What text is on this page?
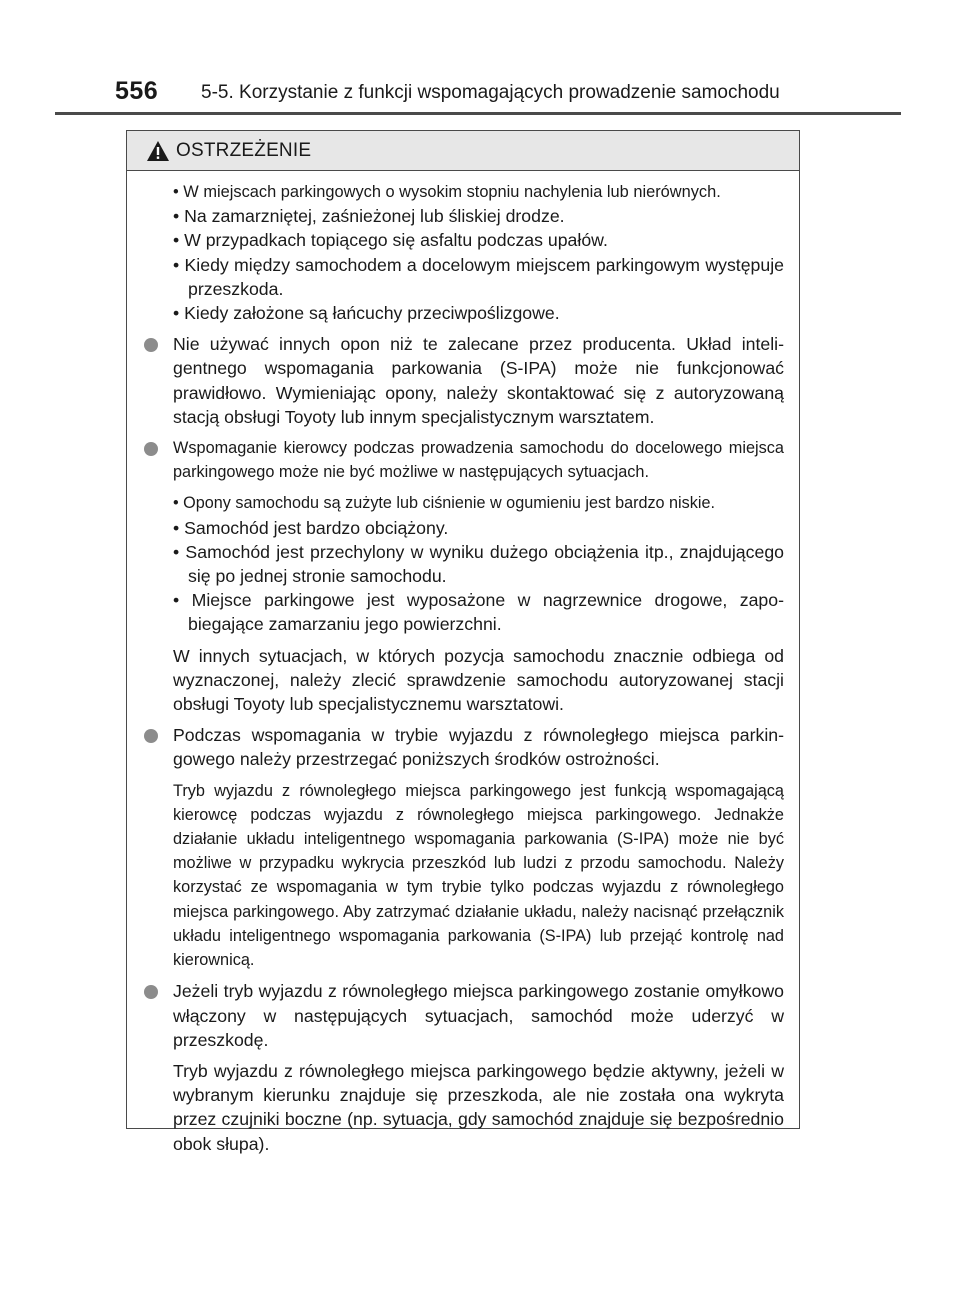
556 5-5. Korzystanie z funkcji wspomagających prowadzenie samochodu
OSTRZEŻENIE

• W miejscach parkingowych o wysokim stopniu nachylenia lub nierównych.

• Na zamarzniętej, zaśnieżonej lub śliskiej drodze.

• W przypadkach topiącego się asfaltu podczas upałów.

• Kiedy między samochodem a docelowym miejscem parkingowym występuje przeszkoda.

• Kiedy założone są łańcuchy przeciwpoślizgowe.

Nie używać innych opon niż te zalecane przez producenta. Układ inteligentnego wspomagania parkowania (S-IPA) może nie funkcjonować prawidłowo. Wymieniając opony, należy skontaktować się z autoryzowaną stacją obsługi Toyoty lub innym specjalistycznym warsztatem.
Wspomaganie kierowcy podczas prowadzenia samochodu do docelowego miejsca parkingowego może nie być możliwe w następujących sytuacjach.

• Opony samochodu są zużyte lub ciśnienie w ogumieniu jest bardzo niskie.

• Samochód jest bardzo obciążony.

• Samochód jest przechylony w wyniku dużego obciążenia itp., znajdującego się po jednej stronie samochodu.

• Miejsce parkingowe jest wyposażone w nagrzewnice drogowe, zapobiegające zamarzaniu jego powierzchni.

W innych sytuacjach, w których pozycja samochodu znacznie odbiega od wyznaczonej, należy zlecić sprawdzenie samochodu autoryzowanej stacji obsługi Toyoty lub specjalistycznemu warsztatowi.
Podczas wspomagania w trybie wyjazdu z równoległego miejsca parkingowego należy przestrzegać poniższych środków ostrożności.
Tryb wyjazdu z równoległego miejsca parkingowego jest funkcją wspomagającą kierowcę podczas wyjazdu z równoległego miejsca parkingowego. Jednakże działanie układu inteligentnego wspomagania parkowania (S-IPA) może nie być możliwe w przypadku wykrycia przeszkód lub ludzi z przodu samochodu. Należy korzystać ze wspomagania w tym trybie tylko podczas wyjazdu z równoległego miejsca parkingowego. Aby zatrzymać działanie układu, należy nacisnąć przełącznik układu inteligentnego wspomagania parkowania (S-IPA) lub przejąć kontrolę nad kierownicą.
Jeżeli tryb wyjazdu z równoległego miejsca parkingowego zostanie omyłkowo włączony w następujących sytuacjach, samochód może uderzyć w przeszkodę.
Tryb wyjazdu z równoległego miejsca parkingowego będzie aktywny, jeżeli w wybranym kierunku znajduje się przeszkoda, ale nie została ona wykryta przez czujniki boczne (np. sytuacja, gdy samochód znajduje się bezpośrednio obok słupa).
